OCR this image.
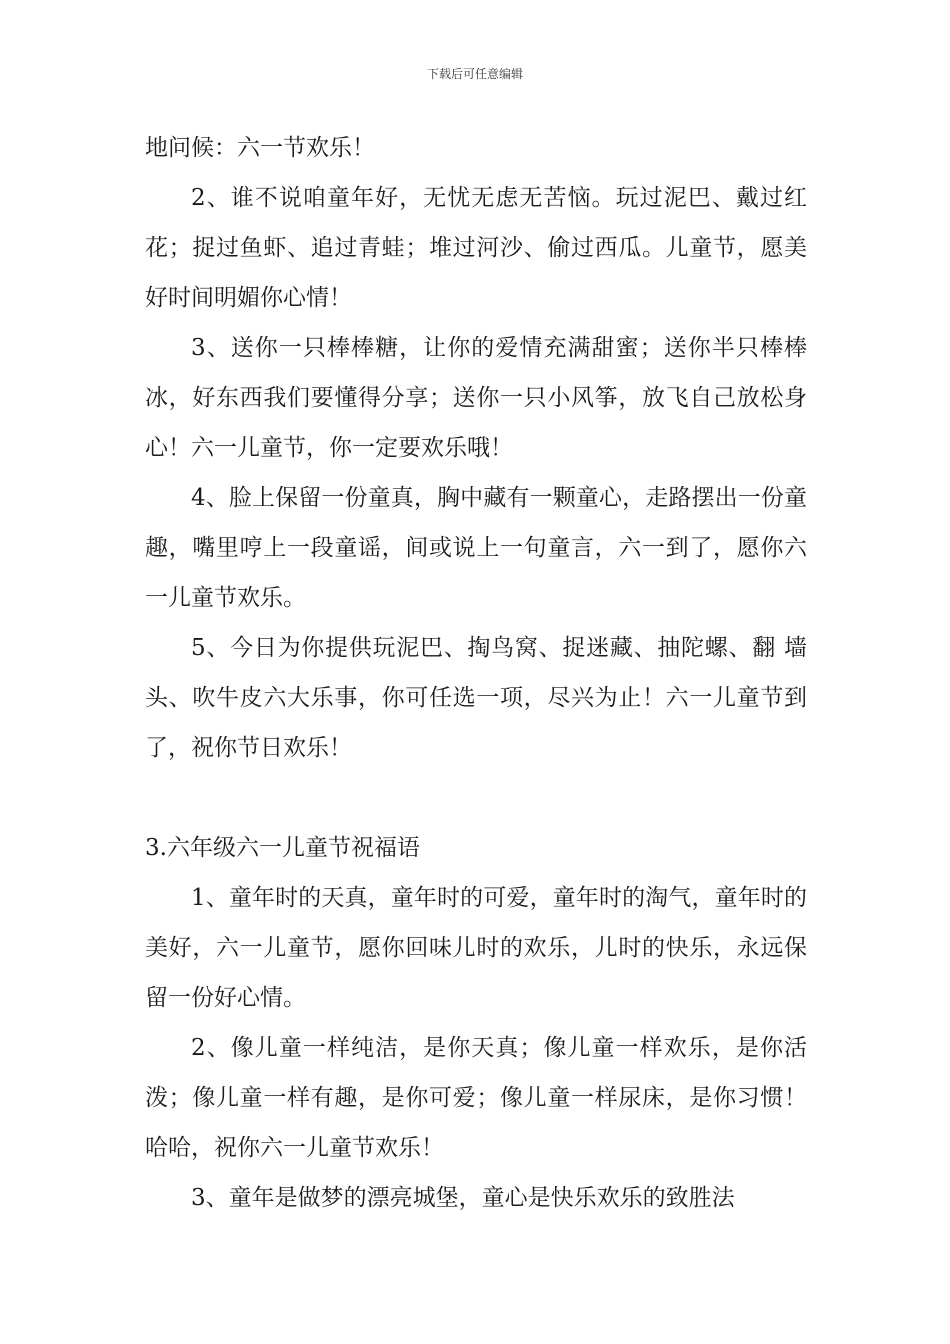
下载后可任意编辑

地问候：六一节欢乐！

2、谁不说咱童年好，无忧无虑无苦恼。玩过泥巴、戴过红花；捉过鱼虾、追过青蛙；堆过河沙、偷过西瓜。儿童节，愿美好时间明媚你心情！

3、送你一只棒棒糖，让你的爱情充满甜蜜；送你半只棒棒冰，好东西我们要懂得分享；送你一只小风筝，放飞自己放松身心！六一儿童节，你一定要欢乐哦！

4、脸上保留一份童真，胸中藏有一颗童心，走路摆出一份童趣，嘴里哼上一段童谣，间或说上一句童言，六一到了，愿你六一儿童节欢乐。

5、今日为你提供玩泥巴、掏鸟窝、捉迷藏、抽陀螺、翻 墙头、吹牛皮六大乐事，你可任选一项，尽兴为止！六一儿童节到了，祝你节日欢乐！

3.六年级六一儿童节祝福语

1、童年时的天真，童年时的可爱，童年时的淘气，童年时的美好，六一儿童节，愿你回味儿时的欢乐，儿时的快乐，永远保留一份好心情。

2、像儿童一样纯洁，是你天真；像儿童一样欢乐，是你活泼；像儿童一样有趣，是你可爱；像儿童一样尿床，是你习惯！哈哈，祝你六一儿童节欢乐！

3、童年是做梦的漂亮城堡，童心是快乐欢乐的致胜法
